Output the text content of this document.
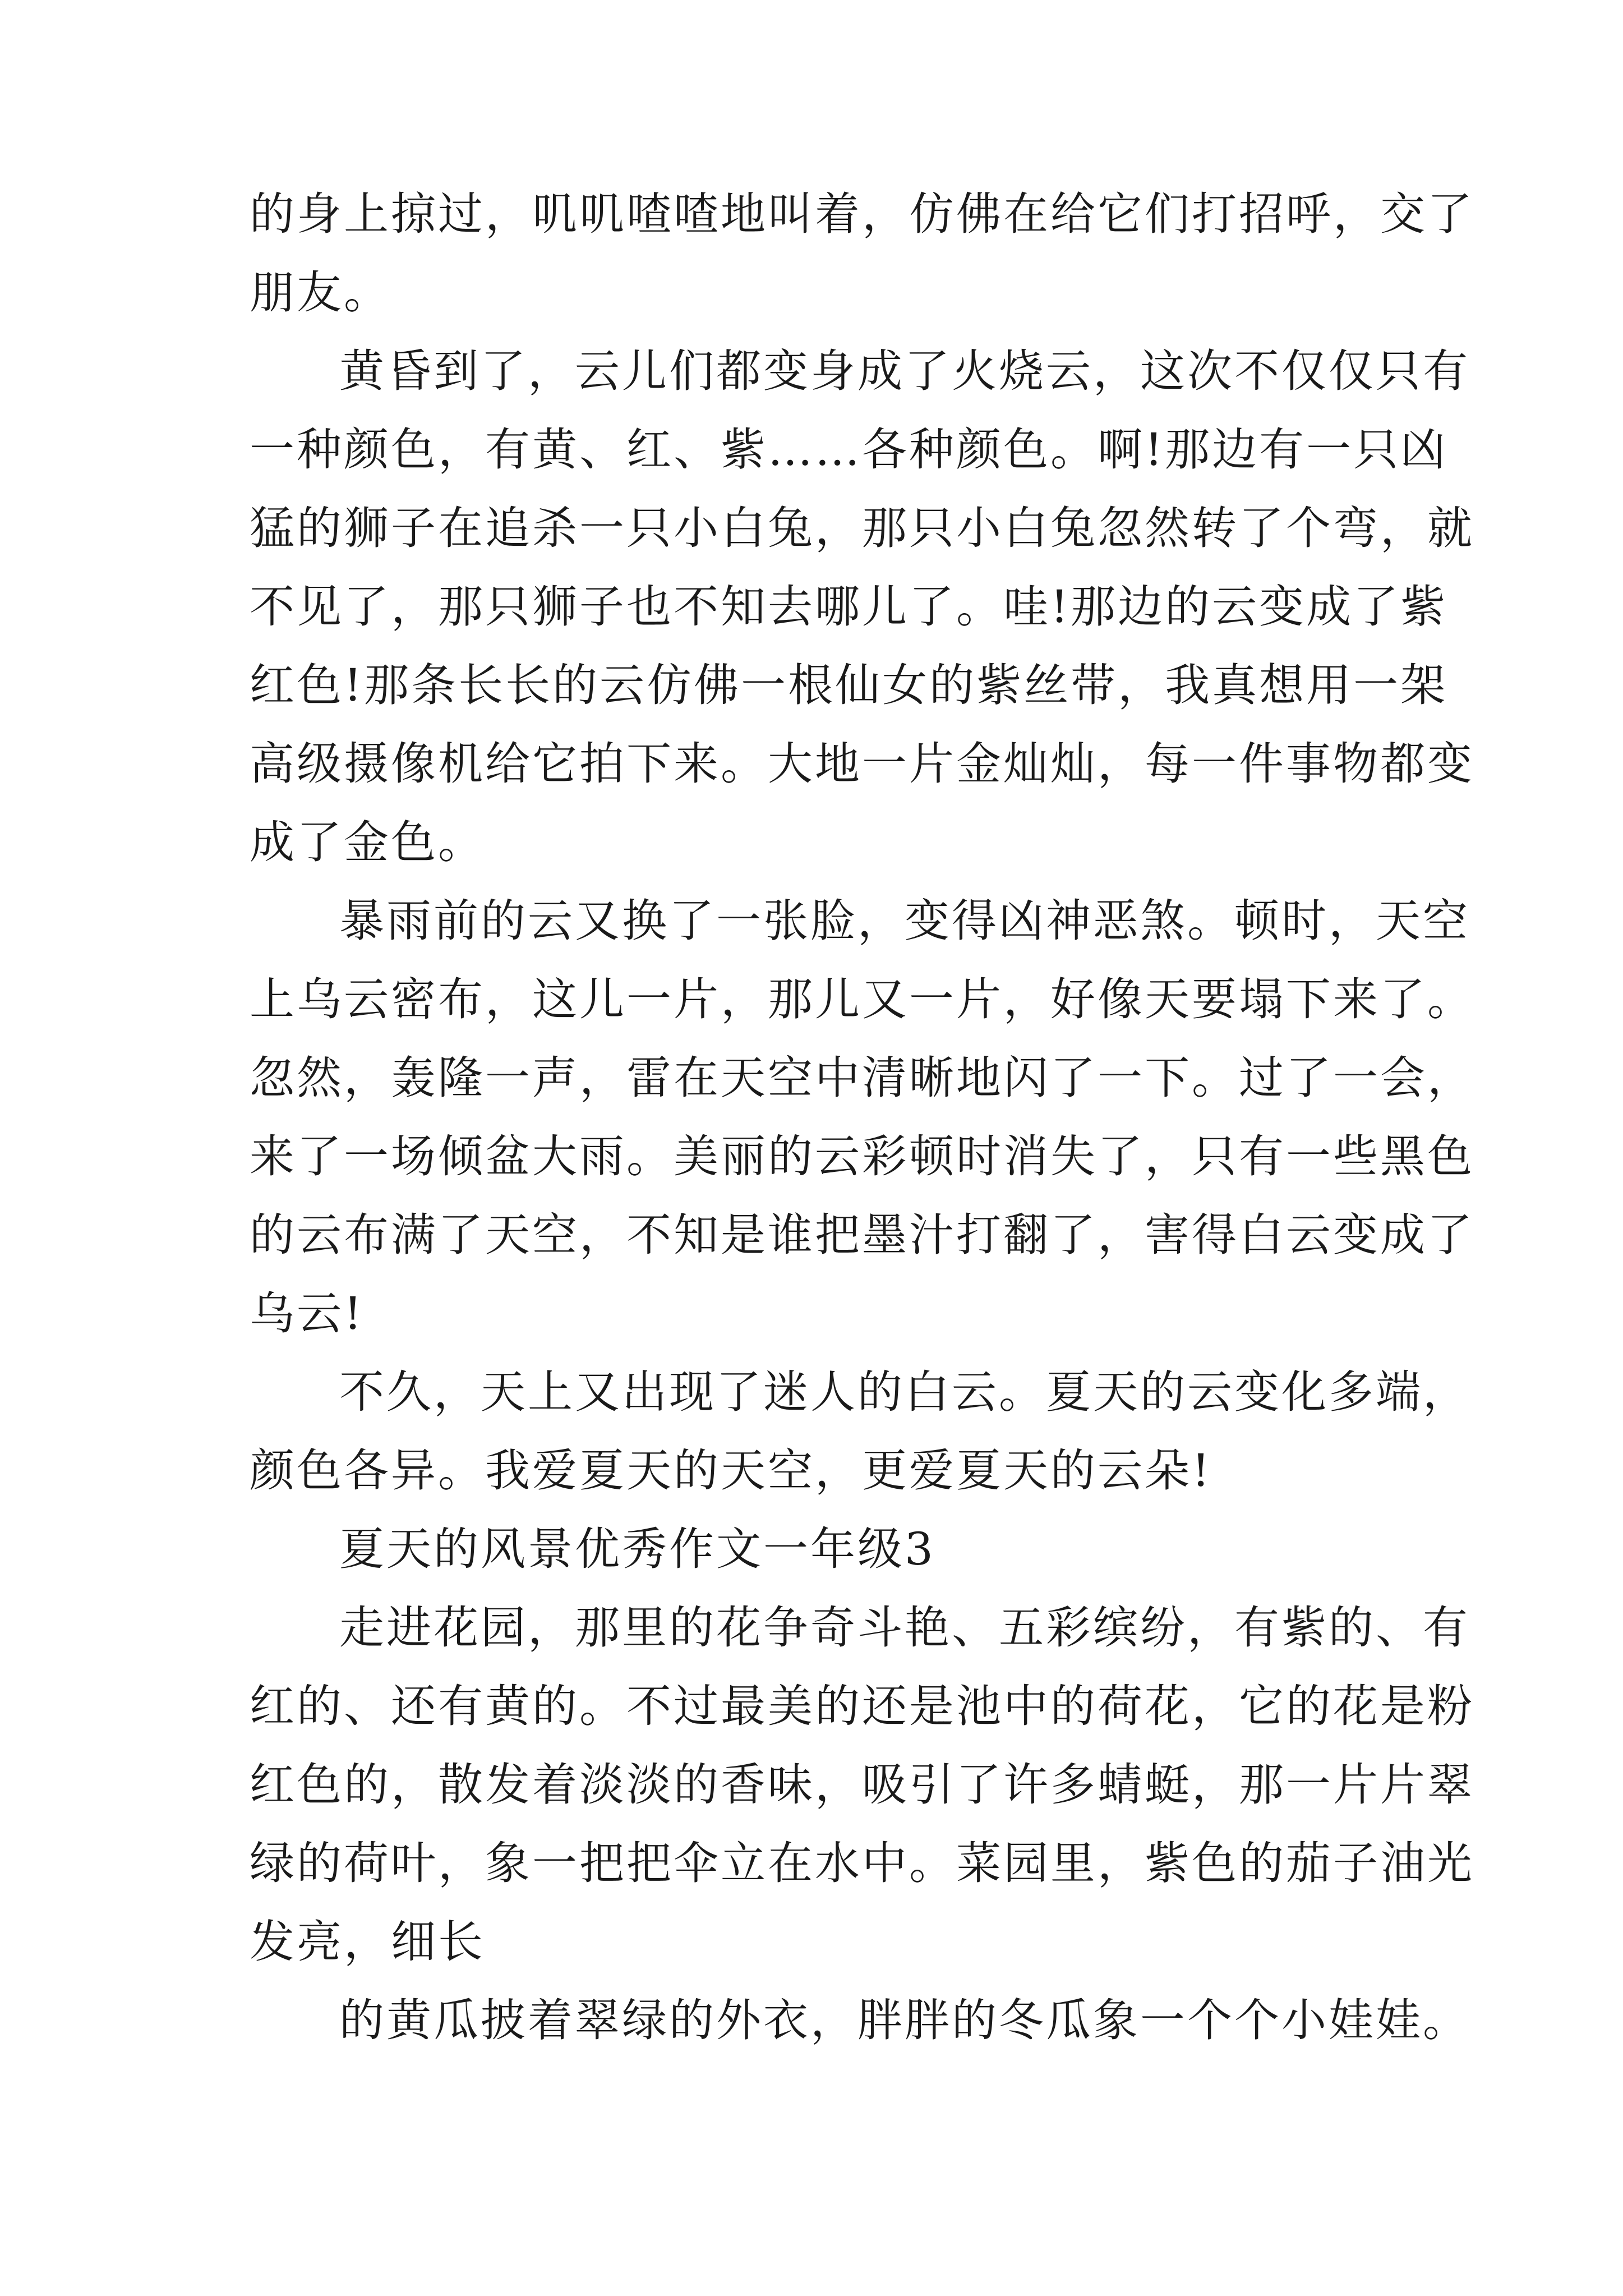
的身上掠过，叽叽喳喳地叫着，仿佛在给它们打招呼，交了
朋友。
黄昏到了，云儿们都变身成了火烧云，这次不仅仅只有
一种颜色，有黄、红、紫……各种颜色。啊!那边有一只凶
猛的狮子在追杀一只小白兔，那只小白兔忽然转了个弯，就
不见了，那只狮子也不知去哪儿了。哇!那边的云变成了紫
红色!那条长长的云仿佛一根仙女的紫丝带，我真想用一架
高级摄像机给它拍下来。大地一片金灿灿，每一件事物都变
成了金色。
暴雨前的云又换了一张脸，变得凶神恶煞。顿时，天空
上乌云密布，这儿一片，那儿又一片，好像天要塌下来了。
忽然，轰隆一声，雷在天空中清晰地闪了一下。过了一会，
来了一场倾盆大雨。美丽的云彩顿时消失了，只有一些黑色
的云布满了天空，不知是谁把墨汁打翻了，害得白云变成了
乌云!
不久，天上又出现了迷人的白云。夏天的云变化多端，
颜色各异。我爱夏天的天空，更爱夏天的云朵!
夏天的风景优秀作文一年级3
走进花园，那里的花争奇斗艳、五彩缤纷，有紫的、有
红的、还有黄的。不过最美的还是池中的荷花，它的花是粉
红色的，散发着淡淡的香味，吸引了许多蜻蜓，那一片片翠
绿的荷叶，象一把把伞立在水中。菜园里，紫色的茄子油光
发亮，细长
的黄瓜披着翠绿的外衣，胖胖的冬瓜象一个个小娃娃。
